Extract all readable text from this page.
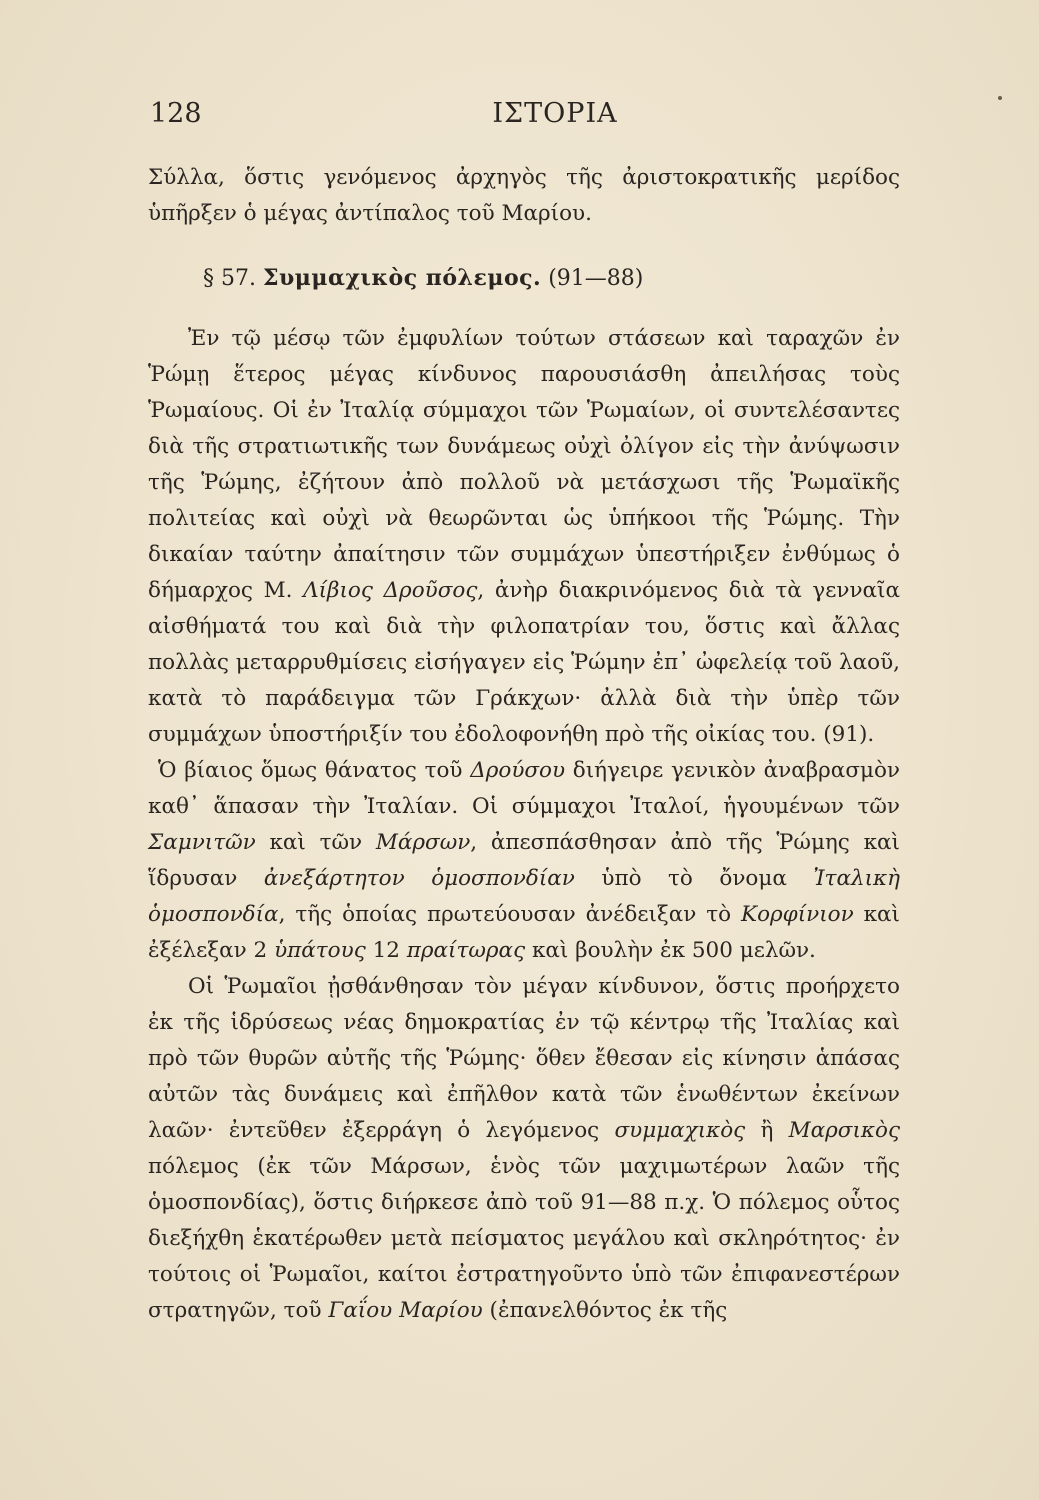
128	ΙΣΤΟΡΙΑ

Σύλλα, ὅστις γενόμενος ἀρχηγὸς τῆς ἀριστοκρατικῆς μερίδος ὑπῆρξεν ὁ μέγας ἀντίπαλος τοῦ Μαρίου.

§ 57. Συμμαχικὸς πόλεμος. (91—88)

Ἐν τῷ μέσῳ τῶν ἐμφυλίων τούτων στάσεων καὶ ταραχῶν ἐν Ῥώμῃ ἕτερος μέγας κίνδυνος παρουσιάσθη ἀπειλήσας τοὺς Ῥωμαίους. Οἱ ἐν Ἰταλίᾳ σύμμαχοι τῶν Ῥωμαίων, οἱ συντελέσαντες διὰ τῆς στρατιωτικῆς των δυνάμεως οὐχὶ ὀλίγον εἰς τὴν ἀνύψωσιν τῆς Ῥώμης, ἐζήτουν ἀπὸ πολλοῦ νὰ μετάσχωσι τῆς Ῥωμαϊκῆς πολιτείας καὶ οὐχὶ νὰ θεωρῶνται ὡς ὑπήκοοι τῆς Ῥώμης. Τὴν δικαίαν ταύτην ἀπαίτησιν τῶν συμμάχων ὑπεστήριξεν ἐνθύμως ὁ δήμαρχος Μ. Λίβιος Δροῦσος, ἀνὴρ διακρινόμενος διὰ τὰ γενναῖα αἰσθήματά του καὶ διὰ τὴν φιλοπατρίαν του, ὅστις καὶ ἄλλας πολλὰς μεταρρυθμίσεις εἰσήγαγεν εἰς Ῥώμην ἐπ᾽ ὠφελείᾳ τοῦ λαοῦ, κατὰ τὸ παράδειγμα τῶν Γράκχων· ἀλλὰ διὰ τὴν ὑπὲρ τῶν συμμάχων ὑποστήριξίν του ἐδολοφονήθη πρὸ τῆς οἰκίας του. (91).

Ὁ βίαιος ὅμως θάνατος τοῦ Δρούσου διήγειρε γενικὸν ἀναβρασμὸν καθ᾽ ἅπασαν τὴν Ἰταλίαν. Οἱ σύμμαχοι Ἰταλοί, ἡγουμένων τῶν Σαμνιτῶν καὶ τῶν Μάρσων, ἀπεσπάσθησαν ἀπὸ τῆς Ῥώμης καὶ ἵδρυσαν ἀνεξάρτητον ὁμοσπονδίαν ὑπὸ τὸ ὄνομα Ἰταλικὴ ὁμοσπονδία, τῆς ὁποίας πρωτεύουσαν ἀνέδειξαν τὸ Κορφίνιον καὶ ἐξέλεξαν 2 ὑπάτους 12 πραίτωρας καὶ βουλὴν ἐκ 500 μελῶν.

Οἱ Ῥωμαῖοι ᾐσθάνθησαν τὸν μέγαν κίνδυνον, ὅστις προήρχετο ἐκ τῆς ἱδρύσεως νέας δημοκρατίας ἐν τῷ κέντρῳ τῆς Ἰταλίας καὶ πρὸ τῶν θυρῶν αὐτῆς τῆς Ῥώμης· ὅθεν ἔθεσαν εἰς κίνησιν ἁπάσας αὐτῶν τὰς δυνάμεις καὶ ἐπῆλθον κατὰ τῶν ἑνωθέντων ἐκείνων λαῶν· ἐντεῦθεν ἐξερράγη ὁ λεγόμενος συμμαχικὸς ἢ Μαρσικὸς πόλεμος (ἐκ τῶν Μάρσων, ἑνὸς τῶν μαχιμωτέρων λαῶν τῆς ὁμοσπονδίας), ὅστις διήρκεσε ἀπὸ τοῦ 91—88 π.χ. Ὁ πόλεμος οὗτος διεξήχθη ἑκατέρωθεν μετὰ πείσματος μεγάλου καὶ σκληρότητος· ἐν τούτοις οἱ Ῥωμαῖοι, καίτοι ἐστρατηγοῦντο ὑπὸ τῶν ἐπιφανεστέρων στρατηγῶν, τοῦ Γαΐου Μαρίου (ἐπανελθόντος ἐκ τῆς
